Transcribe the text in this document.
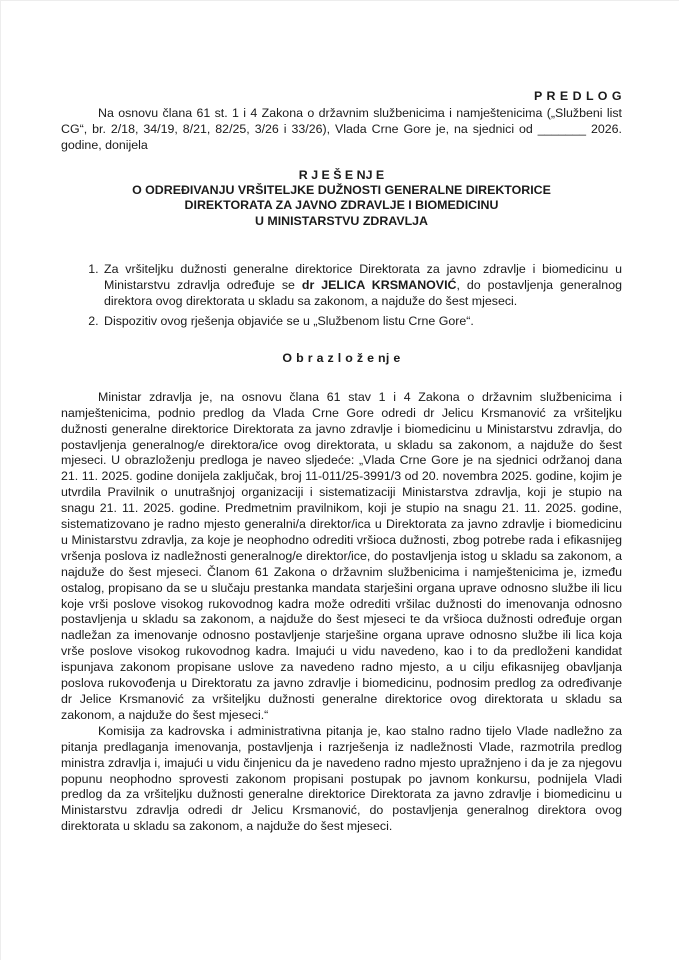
P R E D L O G

Na osnovu člana 61 st. 1 i 4 Zakona o državnim službenicima i namještenicima („Službeni list CG“, br. 2/18, 34/19, 8/21, 82/25, 3/26 i 33/26), Vlada Crne Gore je, na sjednici od _______ 2026. godine, donijela

R J E Š E NJ E
O ODREĐIVANJU VRŠITELJKE DUŽNOSTI GENERALNE DIREKTORICE
DIREKTORATA ZA JAVNO ZDRAVLJE I BIOMEDICINU
U MINISTARSTVU ZDRAVLJA
1. Za vršiteljku dužnosti generalne direktorice Direktorata za javno zdravlje i biomedicinu u Ministarstvu zdravlja određuje se dr JELICA KRSMANOVIĆ, do postavljenja generalnog direktora ovog direktorata u skladu sa zakonom, a najduže do šest mjeseci.
2. Dispozitiv ovog rješenja objaviće se u „Službenom listu Crne Gore“.
O b r a z l o ž e nj e

Ministar zdravlja je, na osnovu člana 61 stav 1 i 4 Zakona o državnim službenicima i namještenicima, podnio predlog da Vlada Crne Gore odredi dr Jelicu Krsmanović za vršiteljku dužnosti generalne direktorice Direktorata za javno zdravlje i biomedicinu u Ministarstvu zdravlja, do postavljenja generalnog/e direktora/ice ovog direktorata, u skladu sa zakonom, a najduže do šest mjeseci. U obrazloženju predloga je naveo sljedeće: „Vlada Crne Gore je na sjednici održanoj dana 21. 11. 2025. godine donijela zaključak, broj 11-011/25-3991/3 od 20. novembra 2025. godine, kojim je utvrdila Pravilnik o unutrašnjoj organizaciji i sistematizaciji Ministarstva zdravlja, koji je stupio na snagu 21. 11. 2025. godine. Predmetnim pravilnikom, koji je stupio na snagu 21. 11. 2025. godine, sistematizovano je radno mjesto generalni/a direktor/ica u Direktorata za javno zdravlje i biomedicinu u Ministarstvu zdravlja, za koje je neophodno odrediti vršioca dužnosti, zbog potrebe rada i efikasnijeg vršenja poslova iz nadležnosti generalnog/e direktor/ice, do postavljenja istog u skladu sa zakonom, a najduže do šest mjeseci. Članom 61 Zakona o državnim službenicima i namještenicima je, između ostalog, propisano da se u slučaju prestanka mandata starješini organa uprave odnosno službe ili licu koje vrši poslove visokog rukovodnog kadra može odrediti vršilac dužnosti do imenovanja odnosno postavljenja u skladu sa zakonom, a najduže do šest mjeseci te da vršioca dužnosti određuje organ nadležan za imenovanje odnosno postavljenje starješine organa uprave odnosno službe ili lica koja vrše poslove visokog rukovodnog kadra. Imajući u vidu navedeno, kao i to da predloženi kandidat ispunjava zakonom propisane uslove za navedeno radno mjesto, a u cilju efikasnijeg obavljanja poslova rukovođenja u Direktoratu za javno zdravlje i biomedicinu, podnosim predlog za određivanje dr Jelice Krsmanović za vršiteljku dužnosti generalne direktorice ovog direktorata u skladu sa zakonom, a najduže do šest mjeseci.“

Komisija za kadrovska i administrativna pitanja je, kao stalno radno tijelo Vlade nadležno za pitanja predlaganja imenovanja, postavljenja i razrješenja iz nadležnosti Vlade, razmotrila predlog ministra zdravlja i, imajući u vidu činjenicu da je navedeno radno mjesto upražnjeno i da je za njegovu popunu neophodno sprovesti zakonom propisani postupak po javnom konkursu, podnijela Vladi predlog da za vršiteljku dužnosti generalne direktorice Direktorata za javno zdravlje i biomedicinu u Ministarstvu zdravlja odredi dr Jelicu Krsmanović, do postavljenja generalnog direktora ovog direktorata u skladu sa zakonom, a najduže do šest mjeseci.
